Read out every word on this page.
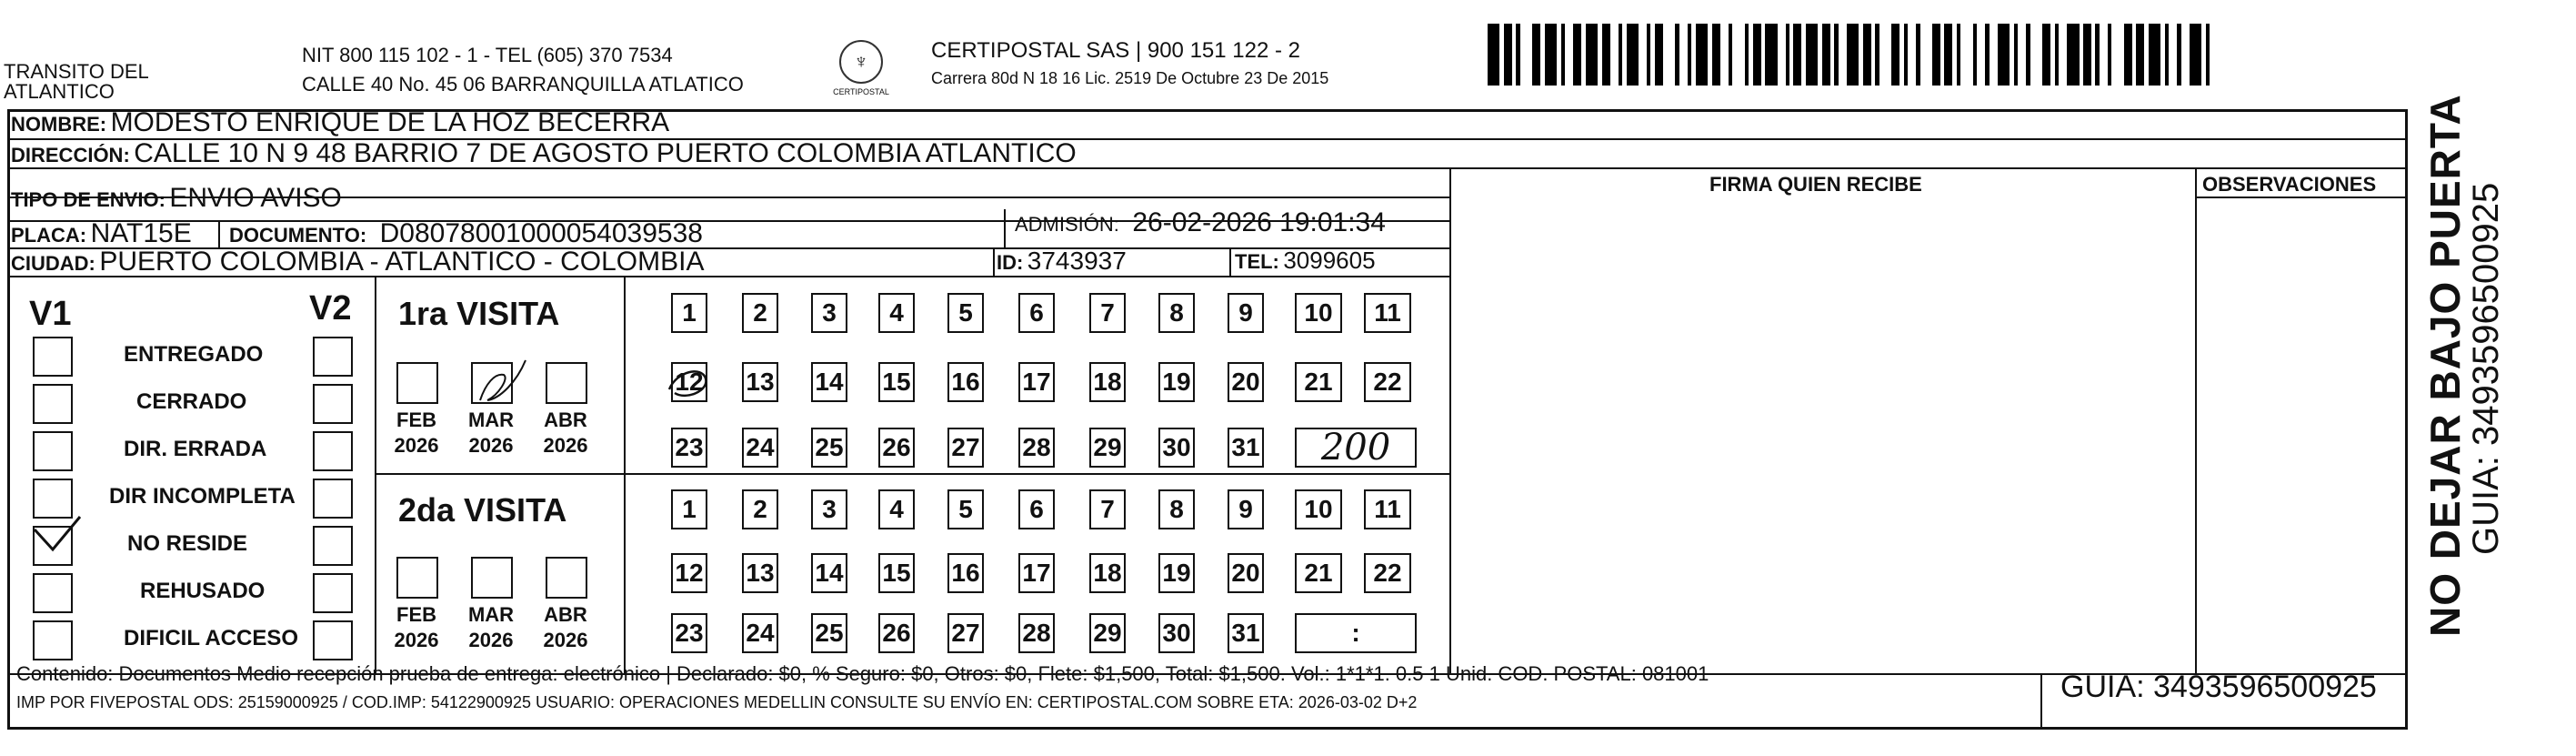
TRANSITO DEL
ATLANTICO
NIT 800 115 102 - 1 - TEL (605) 370 7534
CALLE 40 No. 45 06 BARRANQUILLA ATLATICO
♆
CERTIPOSTAL
CERTIPOSTAL SAS | 900 151 122 - 2
Carrera 80d N 18 16 Lic. 2519 De Octubre 23 De 2015
NOMBRE: MODESTO ENRIQUE DE LA HOZ BECERRA
DIRECCIÓN: CALLE 10 N 9 48 BARRIO 7 DE AGOSTO PUERTO COLOMBIA ATLANTICO
TIPO DE ENVIO: ENVIO AVISO
PLACA: NAT15E DOCUMENTO: D08078001000054039538	ADMISIÓN: 26-02-2026 19:01:34
CIUDAD: PUERTO COLOMBIA - ATLANTICO - COLOMBIA	ID: 3743937	TEL: 3099605
FIRMA QUIEN RECIBE	OBSERVACIONES
V1	V2 1ra VISITA
2da VISITA
Contenido: Documentos Medio recepción prueba de entrega: electrónico | Declarado: $0, % Seguro: $0, Otros: $0, Flete: $1,500, Total: $1,500. Vol.: 1*1*1. 0.5 1 Unid. COD. POSTAL: 081001
IMP POR FIVEPOSTAL ODS: 25159000925 / COD.IMP: 54122900925 USUARIO: OPERACIONES MEDELLIN CONSULTE SU ENVÍO EN: CERTIPOSTAL.COM SOBRE ETA: 2026-03-02 D+2	GUIA: 3493596500925
NO DEJAR BAJO PUERTA
GUIA: 3493596500925
ENTREGADO
CERRADO
DIR. ERRADA
DIR INCOMPLETA
NO RESIDE
REHUSADO
DIFICIL ACCESO
FEB
2026
MAR
2026
ABR
2026
FEB
2026
MAR
2026
ABR
2026
1	2	3	4	5	6	7	8	9	10	11
12 13 14 15 16 17 18 19 20	21	22
23 24 25 26 27 28 29 30 31	200
1	2	3	4	5	6	7	8	9	10	11
12 13 14 15 16 17 18 19 20	21	22
23 24 25 26 27 28 29 30 31	:
